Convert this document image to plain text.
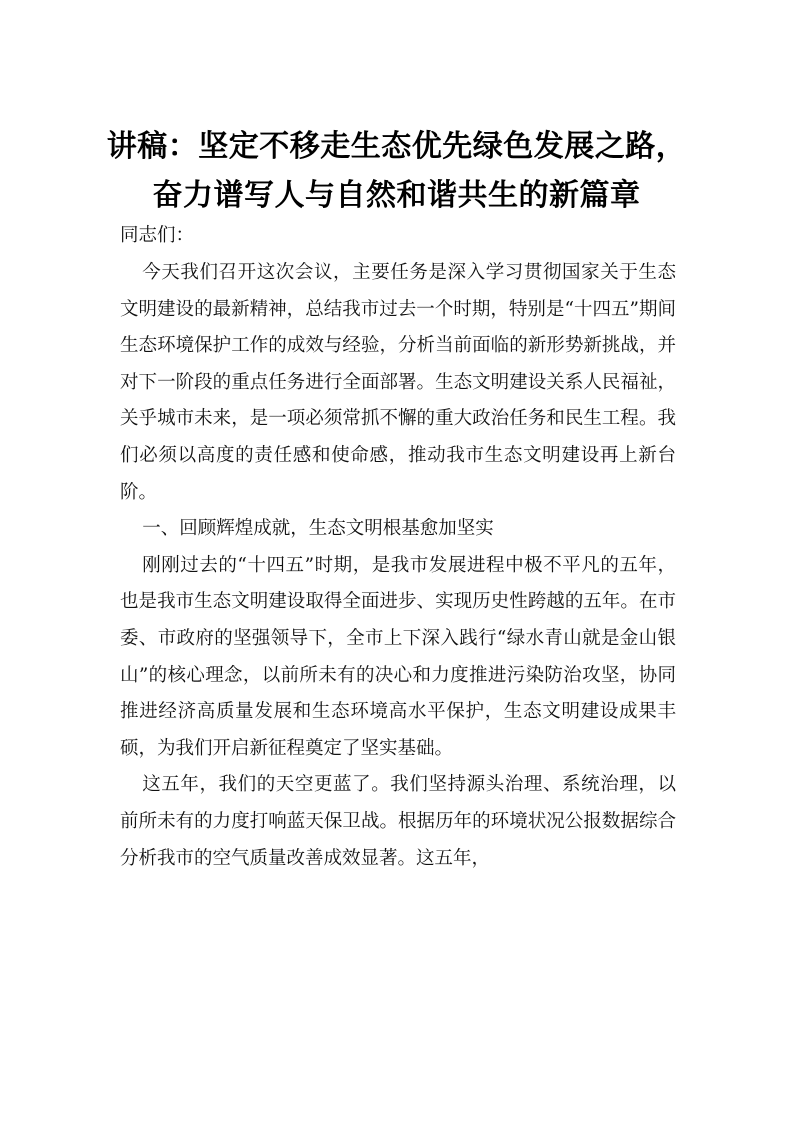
讲稿：坚定不移走生态优先绿色发展之路，
奋力谱写人与自然和谐共生的新篇章
同志们：

今天我们召开这次会议，主要任务是深入学习贯彻国家关于生态文明建设的最新精神，总结我市过去一个时期，特别是“十四五”期间生态环境保护工作的成效与经验，分析当前面临的新形势新挑战，并对下一阶段的重点任务进行全面部署。生态文明建设关系人民福祉，关乎城市未来，是一项必须常抓不懈的重大政治任务和民生工程。我们必须以高度的责任感和使命感，推动我市生态文明建设再上新台阶。

一、回顾辉煌成就，生态文明根基愈加坚实

刚刚过去的“十四五”时期，是我市发展进程中极不平凡的五年，也是我市生态文明建设取得全面进步、实现历史性跨越的五年。在市委、市政府的坚强领导下，全市上下深入践行“绿水青山就是金山银山”的核心理念，以前所未有的决心和力度推进污染防治攻坚，协同推进经济高质量发展和生态环境高水平保护，生态文明建设成果丰硕，为我们开启新征程奠定了坚实基础。

这五年，我们的天空更蓝了。我们坚持源头治理、系统治理，以前所未有的力度打响蓝天保卫战。根据历年的环境状况公报数据综合分析我市的空气质量改善成效显著。这五年，
